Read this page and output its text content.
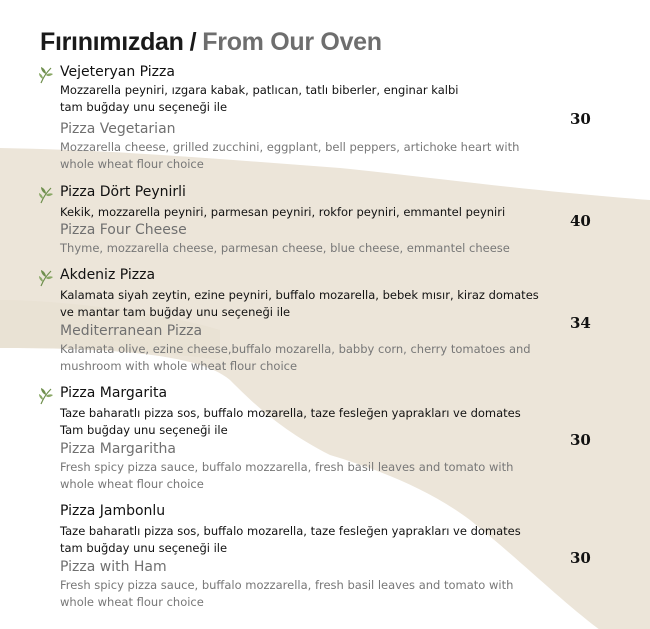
Fırınımızdan / From Our Oven
Vejeteryan Pizza
Mozzarella peyniri, ızgara kabak, patlıcan, tatlı biberler, enginar kalbi
tam buğday unu seçeneği ile
Pizza Vegetarian
Mozzarella cheese, grilled zucchini, eggplant, bell peppers, artichoke heart with
whole wheat flour choice
30
Pizza Dört Peynirli
Kekik, mozzarella peyniri, parmesan peyniri, rokfor peyniri, emmantel peyniri
Pizza Four Cheese
Thyme, mozzarella cheese, parmesan cheese, blue cheese, emmantel cheese
40
Akdeniz Pizza
Kalamata siyah zeytin, ezine peyniri, buffalo mozarella, bebek mısır, kiraz domates
ve mantar tam buğday unu seçeneği ile
Mediterranean Pizza
Kalamata olive, ezine cheese,buffalo mozarella, babby corn, cherry tomatoes and
mushroom with whole wheat flour choice
34
Pizza Margarita
Taze baharatlı pizza sos, buffalo mozarella, taze fesleğen yaprakları ve domates
Tam buğday unu seçeneği ile
Pizza Margaritha
Fresh spicy pizza sauce, buffalo mozzarella, fresh basil leaves and tomato with
whole wheat flour choice
30
Pizza Jambonlu
Taze baharatlı pizza sos, buffalo mozarella, taze fesleğen yaprakları ve domates
tam buğday unu seçeneği ile
Pizza with Ham
Fresh spicy pizza sauce, buffalo mozzarella, fresh basil leaves and tomato with
whole wheat flour choice
30
